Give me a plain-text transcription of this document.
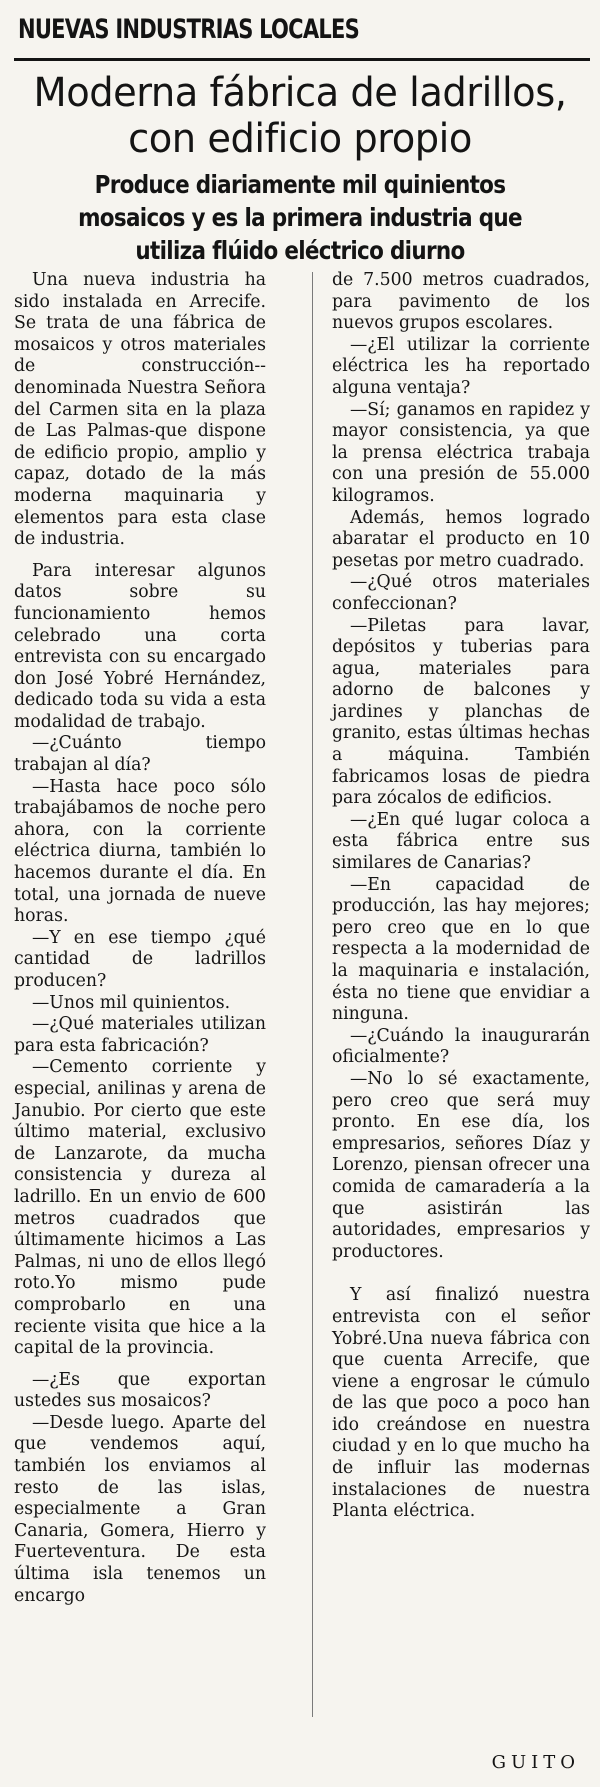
NUEVAS INDUSTRIAS LOCALES
Moderna fábrica de ladrillos, con edificio propio
Produce diariamente mil quinientos mosaicos y es la primera industria que utiliza flúido eléctrico diurno

Una nueva industria ha sido instalada en Arrecife. Se trata de una fábrica de mosaicos y otros materiales de construcción--denominada Nuestra Señora del Carmen sita en la plaza de Las Palmas-que dispone de edificio propio, amplio y capaz, dotado de la más moderna maquinaria y elementos para esta clase de industria.

Para interesar algunos datos sobre su funcionamiento hemos celebrado una corta entrevista con su encargado don José Yobré Hernández, dedicado toda su vida a esta modalidad de trabajo.

—¿Cuánto tiempo trabajan al día?

—Hasta hace poco sólo trabajábamos de noche pero ahora, con la corriente eléctrica diurna, también lo hacemos durante el día. En total, una jornada de nueve horas.

—Y en ese tiempo ¿qué cantidad de ladrillos producen?

—Unos mil quinientos.

—¿Qué materiales utilizan para esta fabricación?

—Cemento corriente y especial, anilinas y arena de Janubio. Por cierto que este último material, exclusivo de Lanzarote, da mucha consistencia y dureza al ladrillo. En un envio de 600 metros cuadrados que últimamente hicimos a Las Palmas, ni uno de ellos llegó roto.Yo mismo pude comprobarlo en una reciente visita que hice a la capital de la provincia.

—¿Es que exportan ustedes sus mosaicos?

—Desde luego. Aparte del que vendemos aquí, también los enviamos al resto de las islas, especialmente a Gran Canaria, Gomera, Hierro y Fuerteventura. De esta última isla tenemos un encargo

de 7.500 metros cuadrados, para pavimento de los nuevos grupos escolares.

—¿El utilizar la corriente eléctrica les ha reportado alguna ventaja?

—Sí; ganamos en rapidez y mayor consistencia, ya que la prensa eléctrica trabaja con una presión de 55.000 kilogramos.

Además, hemos logrado abaratar el producto en 10 pesetas por metro cuadrado.

—¿Qué otros materiales confeccionan?

—Piletas para lavar, depósitos y tuberias para agua, materiales para adorno de balcones y jardines y planchas de granito, estas últimas hechas a máquina. También fabricamos losas de piedra para zócalos de edificios.

—¿En qué lugar coloca a esta fábrica entre sus similares de Canarias?

—En capacidad de producción, las hay mejores; pero creo que en lo que respecta a la modernidad de la maquinaria e instalación, ésta no tiene que envidiar a ninguna.

—¿Cuándo la inaugurarán oficialmente?

—No lo sé exactamente, pero creo que será muy pronto. En ese día, los empresarios, señores Díaz y Lorenzo, piensan ofrecer una comida de camaradería a la que asistirán las autoridades, empresarios y productores.

Y así finalizó nuestra entrevista con el señor Yobré.Una nueva fábrica con que cuenta Arrecife, que viene a engrosar le cúmulo de las que poco a poco han ido creándose en nuestra ciudad y en lo que mucho ha de influir las modernas instalaciones de nuestra Planta eléctrica.

GUITO
